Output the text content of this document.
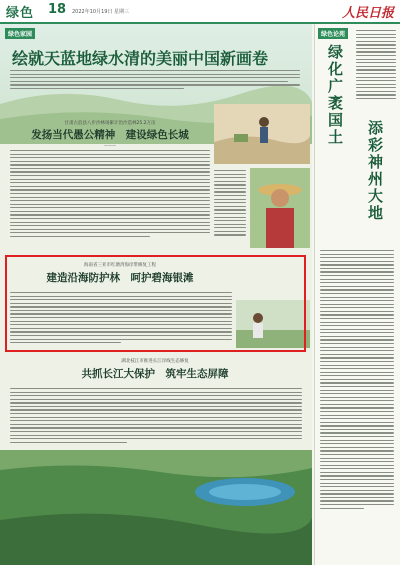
绿色 18 2022年10月19日 星期三	人民日报
绿色家园
绘就天蓝地绿水清的美丽中国新画卷
甘肃古浪县八步沙林场累计治沙造林25.2万亩
发扬当代愚公精神　建设绿色长城
———
海南省三亚市红塘湾海岸带修复工程
建造沿海防护林　呵护碧海银滩
湖北枝江市推进长江岸线生态修复
共抓长江大保护　筑牢生态屏障
绿色论苑
绿化广袤国土	添彩神州大地
